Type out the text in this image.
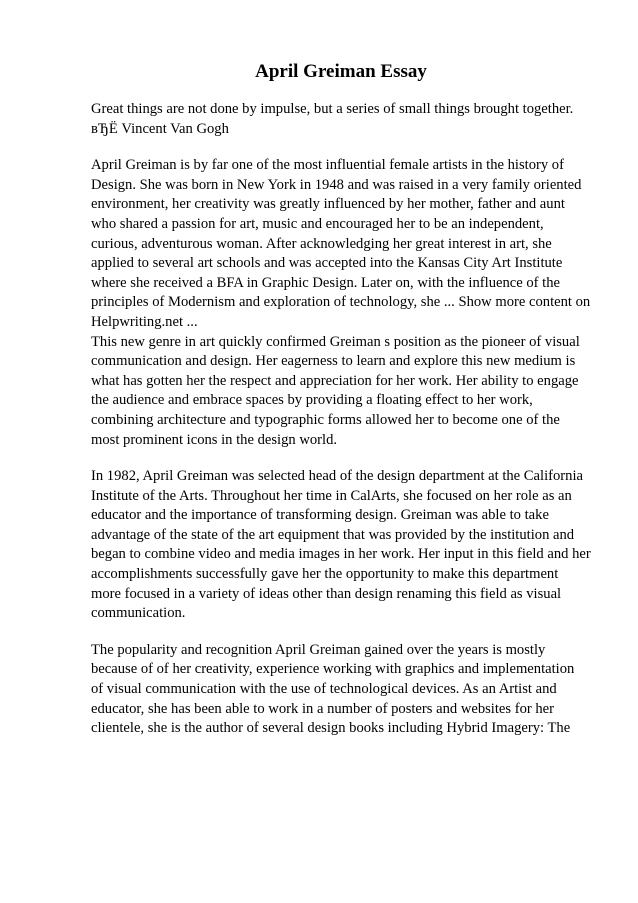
April Greiman Essay

Great things are not done by impulse, but a series of small things brought together.

вЂЁ Vincent Van Gogh

April Greiman is by far one of the most influential female artists in the history of

Design. She was born in New York in 1948 and was raised in a very family oriented

environment, her creativity was greatly influenced by her mother, father and aunt

who shared a passion for art, music and encouraged her to be an independent,

curious, adventurous woman. After acknowledging her great interest in art, she

applied to several art schools and was accepted into the Kansas City Art Institute

where she received a BFA in Graphic Design. Later on, with the influence of the

principles of Modernism and exploration of technology, she ... Show more content on

Helpwriting.net ...

This new genre in art quickly confirmed Greiman s position as the pioneer of visual

communication and design. Her eagerness to learn and explore this new medium is

what has gotten her the respect and appreciation for her work. Her ability to engage

the audience and embrace spaces by providing a floating effect to her work,

combining architecture and typographic forms allowed her to become one of the

most prominent icons in the design world.

In 1982, April Greiman was selected head of the design department at the California

Institute of the Arts. Throughout her time in CalArts, she focused on her role as an

educator and the importance of transforming design. Greiman was able to take

advantage of the state of the art equipment that was provided by the institution and

began to combine video and media images in her work. Her input in this field and her

accomplishments successfully gave her the opportunity to make this department

more focused in a variety of ideas other than design renaming this field as visual

communication.

The popularity and recognition April Greiman gained over the years is mostly

because of of her creativity, experience working with graphics and implementation

of visual communication with the use of technological devices. As an Artist and

educator, she has been able to work in a number of posters and websites for her

clientele, she is the author of several design books including Hybrid Imagery: The
